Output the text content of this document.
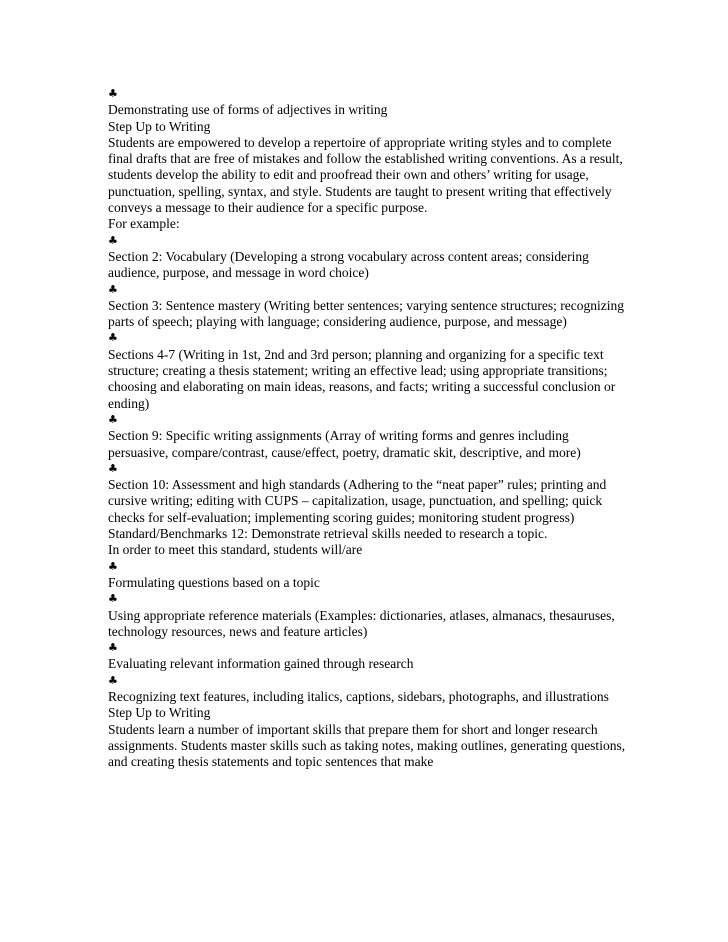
♣
Demonstrating use of forms of adjectives in writing
Step Up to Writing
Students are empowered to develop a repertoire of appropriate writing styles and to complete final drafts that are free of mistakes and follow the established writing conventions. As a result, students develop the ability to edit and proofread their own and others’ writing for usage, punctuation, spelling, syntax, and style. Students are taught to present writing that effectively conveys a message to their audience for a specific purpose.
For example:
♣
Section 2: Vocabulary (Developing a strong vocabulary across content areas; considering audience, purpose, and message in word choice)
♣
Section 3: Sentence mastery (Writing better sentences; varying sentence structures; recognizing parts of speech; playing with language; considering audience, purpose, and message)
♣
Sections 4-7 (Writing in 1st, 2nd and 3rd person; planning and organizing for a specific text structure; creating a thesis statement; writing an effective lead; using appropriate transitions; choosing and elaborating on main ideas, reasons, and facts; writing a successful conclusion or ending)
♣
Section 9: Specific writing assignments (Array of writing forms and genres including persuasive, compare/contrast, cause/effect, poetry, dramatic skit, descriptive, and more)
♣
Section 10: Assessment and high standards (Adhering to the “neat paper” rules; printing and cursive writing; editing with CUPS – capitalization, usage, punctuation, and spelling; quick checks for self-evaluation; implementing scoring guides; monitoring student progress)
Standard/Benchmarks 12: Demonstrate retrieval skills needed to research a topic.
In order to meet this standard, students will/are
♣
Formulating questions based on a topic
♣
Using appropriate reference materials (Examples: dictionaries, atlases, almanacs, thesauruses, technology resources, news and feature articles)
♣
Evaluating relevant information gained through research
♣
Recognizing text features, including italics, captions, sidebars, photographs, and illustrations
Step Up to Writing
Students learn a number of important skills that prepare them for short and longer research assignments. Students master skills such as taking notes, making outlines, generating questions, and creating thesis statements and topic sentences that make
